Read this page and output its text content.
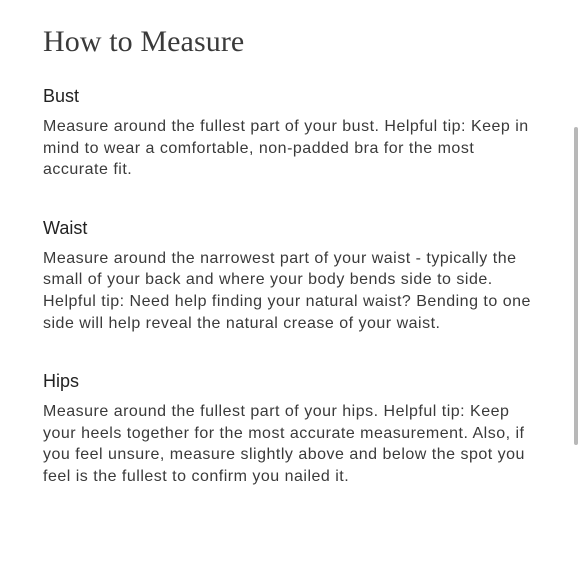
How to Measure
Bust

Measure around the fullest part of your bust. Helpful tip: Keep in mind to wear a comfortable, non-padded bra for the most accurate fit.

Waist

Measure around the narrowest part of your waist - typically the small of your back and where your body bends side to side. Helpful tip: Need help finding your natural waist? Bending to one side will help reveal the natural crease of your waist.

Hips

Measure around the fullest part of your hips. Helpful tip: Keep your heels together for the most accurate measurement. Also, if you feel unsure, measure slightly above and below the spot you feel is the fullest to confirm you nailed it.
